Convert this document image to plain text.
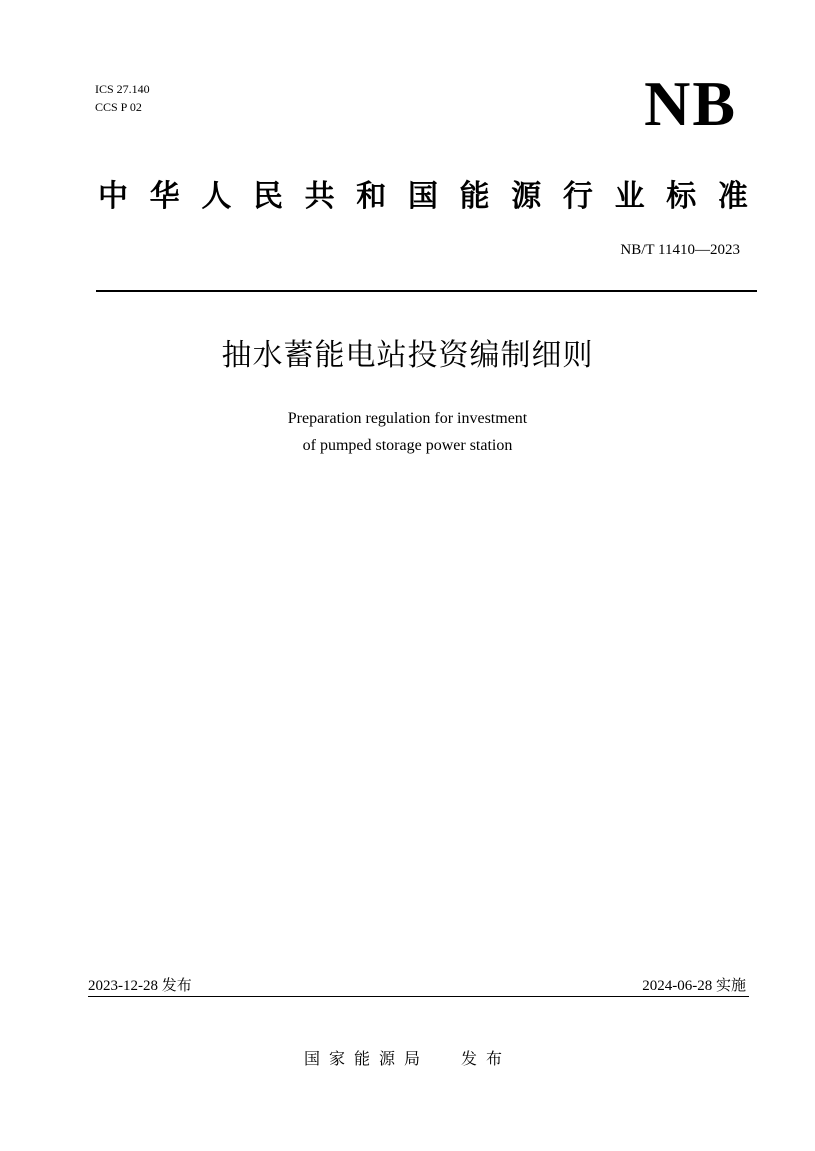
ICS 27.140
CCS P 02	NB
中 华 人 民 共 和 国 能 源 行 业 标 准
NB/T 11410—2023
抽水蓄能电站投资编制细则
Preparation regulation for investment
of pumped storage power station
2023-12-28 发布	2024-06-28 实施
国家能源局 发布
